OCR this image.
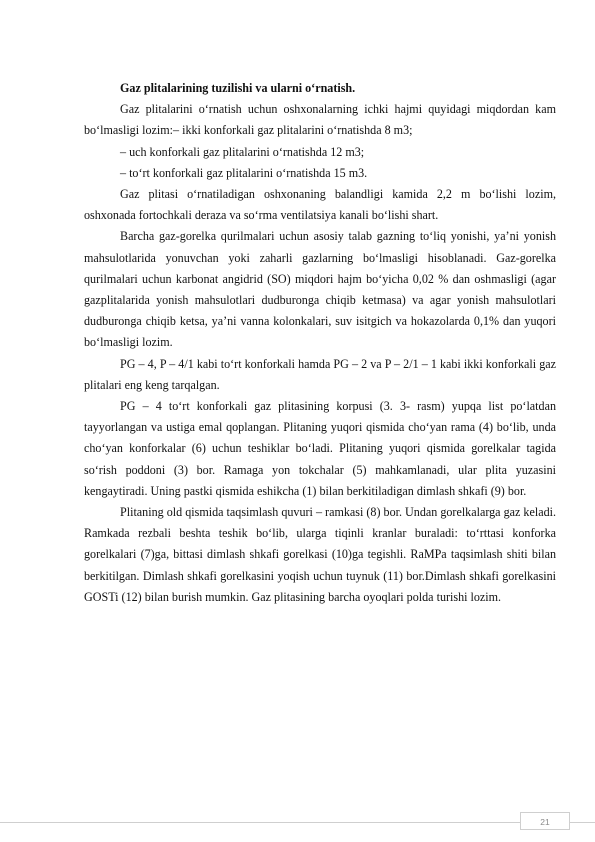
Gaz plitalarining tuzilishi va ularni o‘rnatish.

Gaz plitalarini o‘rnatish uchun oshxonalarning ichki hajmi quyidagi miqdordan kam bo‘lmasligi lozim:– ikki konforkali gaz plitalarini o‘rnatishda 8 m3;

– uch konforkali gaz plitalarini o‘rnatishda 12 m3;

– to‘rt konforkali gaz plitalarini o‘rnatishda 15 m3.

Gaz plitasi o‘rnatiladigan oshxonaning balandligi kamida 2,2 m bo‘lishi lozim, oshxonada fortochkali deraza va so‘rma ventilatsiya kanali bo‘lishi shart.

Barcha gaz-gorelka qurilmalari uchun asosiy talab gazning to‘liq yonishi, ya’ni yonish mahsulotlarida yonuvchan yoki zaharli gazlarning bo‘lmasligi hisoblanadi. Gaz-gorelka qurilmalari uchun karbonat angidrid (SO) miqdori hajm bo‘yicha 0,02 % dan oshmasligi (agar gazplitalarida yonish mahsulotlari dudburonga chiqib ketmasa) va agar yonish mahsulotlari dudburonga chiqib ketsa, ya’ni vanna kolonkalari, suv isitgich va hokazolarda 0,1% dan yuqori bo‘lmasligi lozim.

PG – 4, P – 4/1 kabi to‘rt konforkali hamda PG – 2 va P – 2/1 – 1 kabi ikki konforkali gaz plitalari eng keng tarqalgan.

PG – 4 to‘rt konforkali gaz plitasining korpusi (3. 3- rasm) yupqa list po‘latdan tayyorlangan va ustiga emal qoplangan. Plitaning yuqori qismida cho‘yan rama (4) bo‘lib, unda cho‘yan konforkalar (6) uchun teshiklar bo‘ladi. Plitaning yuqori qismida gorelkalar tagida so‘rish poddoni (3) bor. Ramaga yon tokchalar (5) mahkamlanadi, ular plita yuzasini kengaytiradi. Uning pastki qismida eshikcha (1) bilan berkitiladigan dimlash shkafi (9) bor.

Plitaning old qismida taqsimlash quvuri – ramkasi (8) bor. Undan gorelkalarga gaz keladi. Ramkada rezbali beshta teshik bo‘lib, ularga tiqinli kranlar buraladi: to‘rttasi konforka gorelkalari (7)ga, bittasi dimlash shkafi gorelkasi (10)ga tegishli. RaMPa taqsimlash shiti bilan berkitilgan. Dimlash shkafi gorelkasini yoqish uchun tuynuk (11) bor.Dimlash shkafi gorelkasini GOSTi (12) bilan burish mumkin. Gaz plitasining barcha oyoqlari polda turishi lozim.

21
